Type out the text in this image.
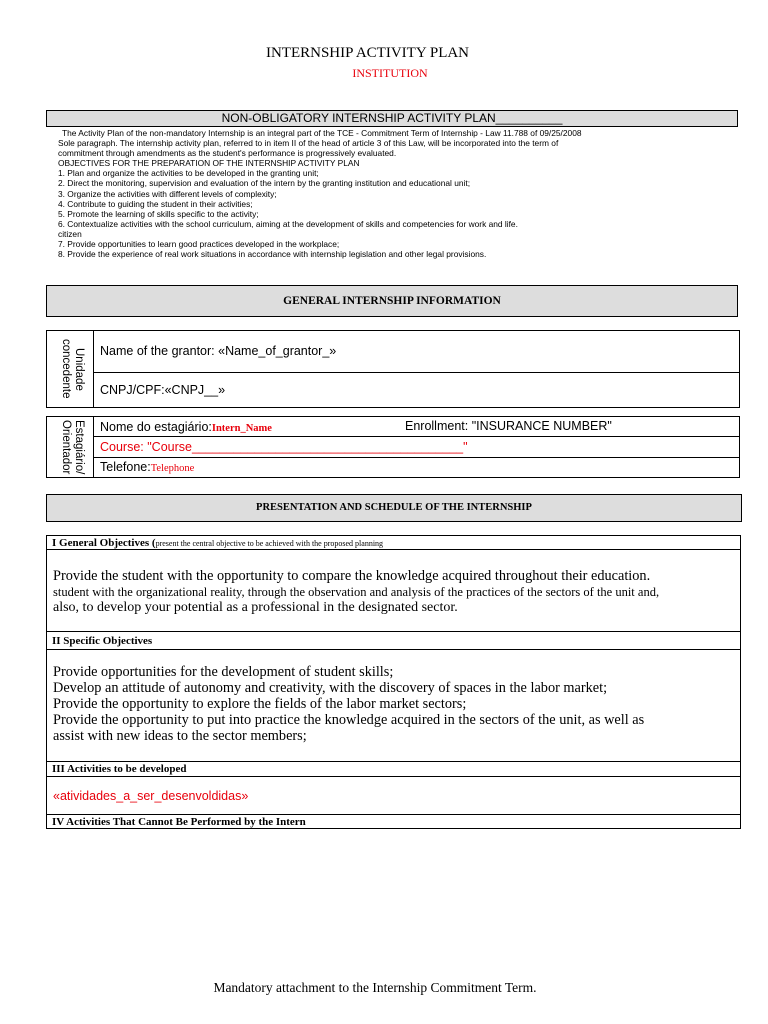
INTERNSHIP ACTIVITY PLAN
INSTITUTION
NON-OBLIGATORY INTERNSHIP ACTIVITY PLAN__________
The Activity Plan of the non-mandatory Internship is an integral part of the TCE - Commitment Term of Internship - Law 11.788 of 09/25/2008
Sole paragraph. The internship activity plan, referred to in item II of the head of article 3 of this Law, will be incorporated into the term of
commitment through amendments as the student's performance is progressively evaluated.
OBJECTIVES FOR THE PREPARATION OF THE INTERNSHIP ACTIVITY PLAN
1. Plan and organize the activities to be developed in the granting unit;
2. Direct the monitoring, supervision and evaluation of the intern by the granting institution and educational unit;
3. Organize the activities with different levels of complexity;
4. Contribute to guiding the student in their activities;
5. Promote the learning of skills specific to the activity;
6. Contextualize activities with the school curriculum, aiming at the development of skills and competencies for work and life.
citizen
7. Provide opportunities to learn good practices developed in the workplace;
8. Provide the experience of real work situations in accordance with internship legislation and other legal provisions.
GENERAL INTERNSHIP INFORMATION
Unidade concedente	Name of the grantor: «Name_of_grantor_»
CNPJ/CPF:«CNPJ__»
Estagiário/ Orientador	Nome do estagiário:Intern_Name	Enrollment: "INSURANCE NUMBER"

Course: "Course_______________________________________"
Telefone:Telephone
PRESENTATION AND SCHEDULE OF THE INTERNSHIP
I General Objectives (present the central objective to be achieved with the proposed planning

Provide the student with the opportunity to compare the knowledge acquired throughout their education.
student with the organizational reality, through the observation and analysis of the practices of the sectors of the unit and,
also, to develop your potential as a professional in the designated sector.

II Specific Objectives

Provide opportunities for the development of student skills;
Develop an attitude of autonomy and creativity, with the discovery of spaces in the labor market;
Provide the opportunity to explore the fields of the labor market sectors;
Provide the opportunity to put into practice the knowledge acquired in the sectors of the unit, as well as
assist with new ideas to the sector members;

III Activities to be developed
«atividades_a_ser_desenvoldidas»
IV Activities That Cannot Be Performed by the Intern
Mandatory attachment to the Internship Commitment Term.
